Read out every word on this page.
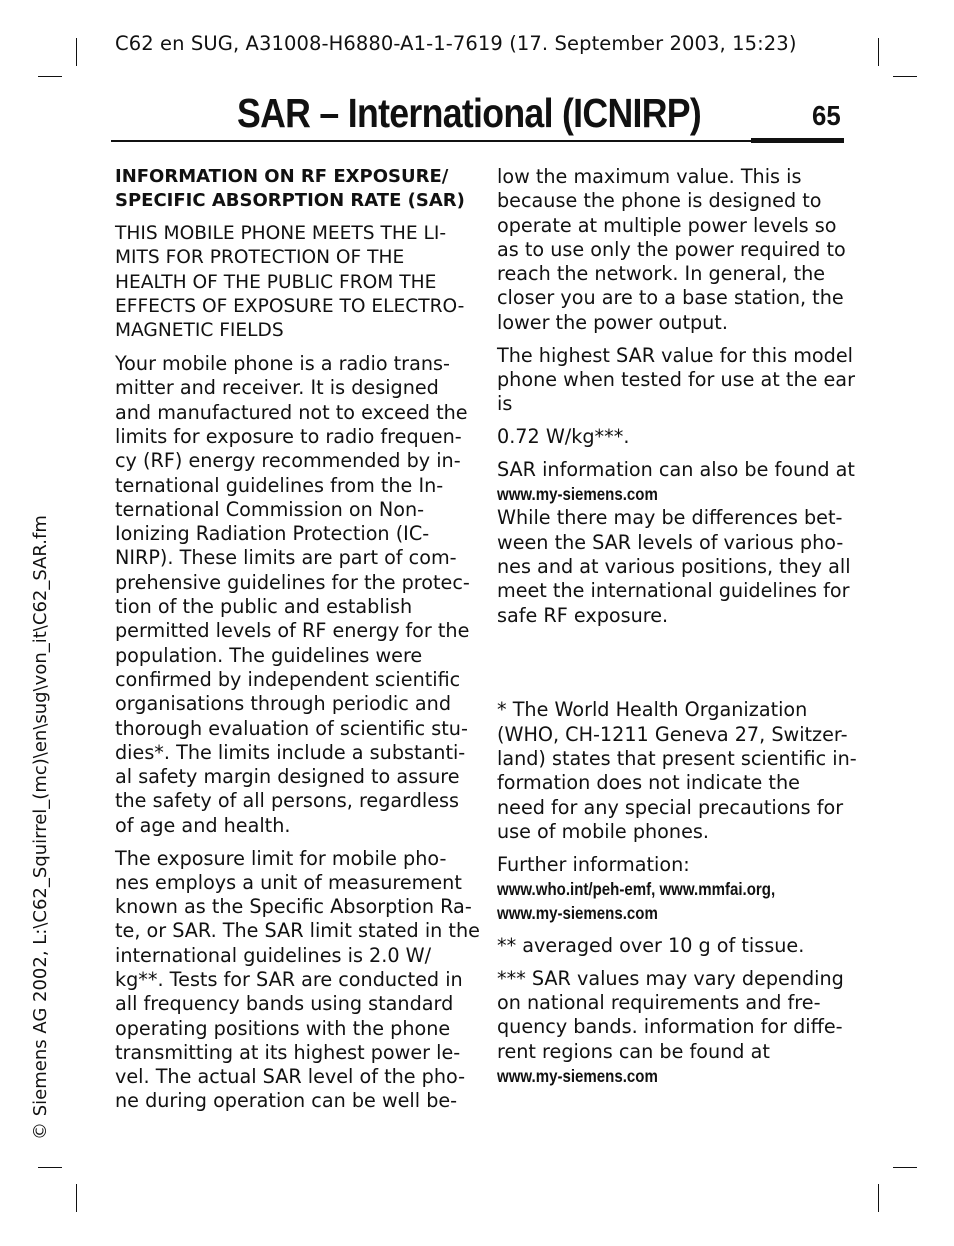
C62 en SUG, A31008-H6880-A1-1-7619 (17. September 2003, 15:23)
SAR – International (ICNIRP)	65

INFORMATION ON RF EXPOSURE/
SPECIFIC ABSORPTION RATE (SAR)

THIS MOBILE PHONE MEETS THE LI-
MITS FOR PROTECTION OF THE
HEALTH OF THE PUBLIC FROM THE
EFFECTS OF EXPOSURE TO ELECTRO-
MAGNETIC FIELDS

Your mobile phone is a radio trans-
mitter and receiver. It is designed
and manufactured not to exceed the
limits for exposure to radio frequen-
cy (RF) energy recommended by in-
ternational guidelines from the In-
ternational Commission on Non-
Ionizing Radiation Protection (IC-
NIRP). These limits are part of com-
prehensive guidelines for the protec-
tion of the public and establish
permitted levels of RF energy for the
population. The guidelines were
confirmed by independent scientific
organisations through periodic and
thorough evaluation of scientific stu-
dies*. The limits include a substanti-
al safety margin designed to assure
the safety of all persons, regardless
of age and health.

The exposure limit for mobile pho-
nes employs a unit of measurement
known as the Specific Absorption Ra-
te, or SAR. The SAR limit stated in the
international guidelines is 2.0 W/
kg**. Tests for SAR are conducted in
all frequency bands using standard
operating positions with the phone
transmitting at its highest power le-
vel. The actual SAR level of the pho-
ne during operation can be well be-

low the maximum value. This is
because the phone is designed to
operate at multiple power levels so
as to use only the power required to
reach the network. In general, the
closer you are to a base station, the
lower the power output.

The highest SAR value for this model
phone when tested for use at the ear
is

0.72 W/kg***.

SAR information can also be found at
www.my-siemens.com
While there may be differences bet-
ween the SAR levels of various pho-
nes and at various positions, they all
meet the international guidelines for
safe RF exposure.

* The World Health Organization
(WHO, CH-1211 Geneva 27, Switzer-
land) states that present scientific in-
formation does not indicate the
need for any special precautions for
use of mobile phones.

Further information:
www.who.int/peh-emf, www.mmfai.org,
www.my-siemens.com

** averaged over 10 g of tissue.

*** SAR values may vary depending
on national requirements and fre-
quency bands. information for diffe-
rent regions can be found at
www.my-siemens.com

© Siemens AG 2002, L:\C62_Squirrel_(mc)\en\sug\von_it\C62_SAR.fm
